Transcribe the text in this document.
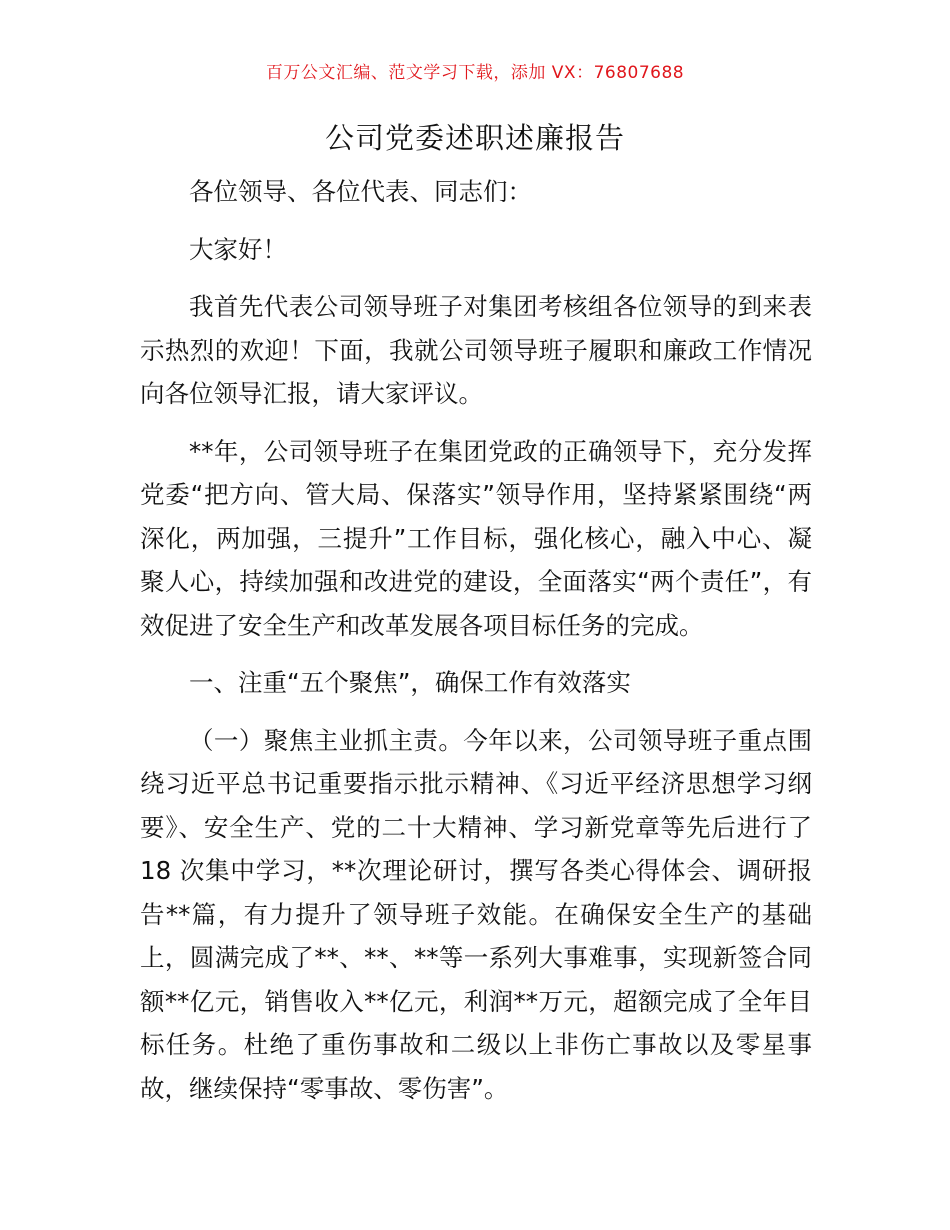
百万公文汇编、范文学习下载，添加 VX：76807688
公司党委述职述廉报告

各位领导、各位代表、同志们：

大家好！

我首先代表公司领导班子对集团考核组各位领导的到来表示热烈的欢迎！下面，我就公司领导班子履职和廉政工作情况向各位领导汇报，请大家评议。

**年，公司领导班子在集团党政的正确领导下，充分发挥党委“把方向、管大局、保落实”领导作用，坚持紧紧围绕“两深化，两加强，三提升”工作目标，强化核心，融入中心、凝聚人心，持续加强和改进党的建设，全面落实“两个责任”，有效促进了安全生产和改革发展各项目标任务的完成。

一、注重“五个聚焦”，确保工作有效落实

（一）聚焦主业抓主责。今年以来，公司领导班子重点围绕习近平总书记重要指示批示精神、《习近平经济思想学习纲要》、安全生产、党的二十大精神、学习新党章等先后进行了 18 次集中学习，**次理论研讨，撰写各类心得体会、调研报告**篇，有力提升了领导班子效能。在确保安全生产的基础上，圆满完成了**、**、**等一系列大事难事，实现新签合同额**亿元，销售收入**亿元，利润**万元，超额完成了全年目标任务。杜绝了重伤事故和二级以上非伤亡事故以及零星事故，继续保持“零事故、零伤害”。
